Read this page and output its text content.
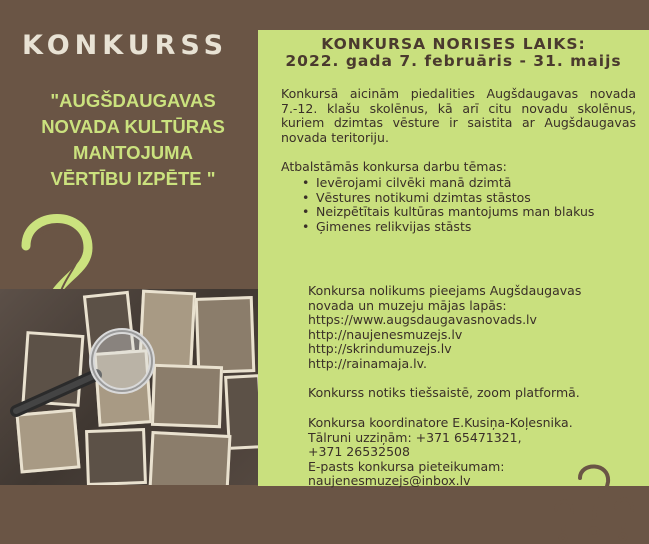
KONKURSS
"AUGŠDAUGAVAS
NOVADA KULTŪRAS
MANTOJUMA
VĒRTĪBU IZPĒTE "
KONKURSA NORISES LAIKS:
2022. gada 7. februāris - 31. maijs
Konkursā aicinām piedalities Augšdaugavas novada 7.-12. klašu skolēnus, kā arī citu novadu skolēnus, kuriem dzimtas vēsture ir saistita ar Augšdaugavas novada teritoriju.
Atbalstāmās konkursa darbu tēmas:
• Ievērojami cilvēki manā dzimtā
• Vēstures notikumi dzimtas stāstos
• Neizpētītais kultūras mantojums man blakus
• Ģimenes relikvijas stāsts
Konkursa nolikums pieejams Augšdaugavas
novada un muzeju mājas lapās:
https://www.augsdaugavasnovads.lv
http://naujenesmuzejs.lv
http://skrindumuzejs.lv
http://rainamaja.lv.
Konkurss notiks tiešsaistē, zoom platformā.
Konkursa koordinatore E.Kusiņa-Koļesnika.
Tālruni uzziņām: +371 65471321,
+371 26532508
E-pasts konkursa pieteikumam:
naujenesmuzejs@inbox.lv
